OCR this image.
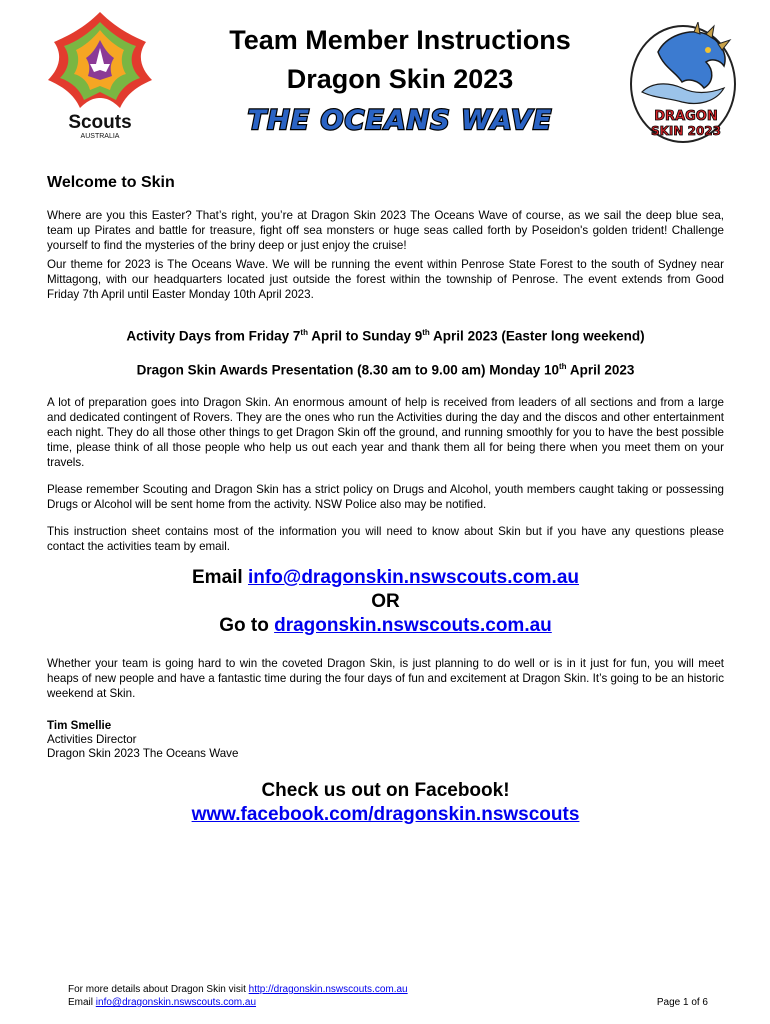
Scouts
AUSTRALIA
Team Member Instructions
Dragon Skin 2023
THE OCEANS WAVE	DRAGON
SKIN 2023
Welcome to Skin

Where are you this Easter? That’s right, you’re at Dragon Skin 2023 The Oceans Wave of course, as we sail the deep blue sea, team up Pirates and battle for treasure, fight off sea monsters or huge seas called forth by Poseidon's golden trident! Challenge yourself to find the mysteries of the briny deep or just enjoy the cruise!

Our theme for 2023 is The Oceans Wave. We will be running the event within Penrose State Forest to the south of Sydney near Mittagong, with our headquarters located just outside the forest within the township of Penrose. The event extends from Good Friday 7th April until Easter Monday 10th April 2023.

Activity Days from Friday 7th April to Sunday 9th April 2023 (Easter long weekend)
Dragon Skin Awards Presentation (8.30 am to 9.00 am) Monday 10th April 2023

A lot of preparation goes into Dragon Skin. An enormous amount of help is received from leaders of all sections and from a large and dedicated contingent of Rovers. They are the ones who run the Activities during the day and the discos and other entertainment each night. They do all those other things to get Dragon Skin off the ground, and running smoothly for you to have the best possible time, please think of all those people who help us out each year and thank them all for being there when you meet them on your travels.

Please remember Scouting and Dragon Skin has a strict policy on Drugs and Alcohol, youth members caught taking or possessing Drugs or Alcohol will be sent home from the activity. NSW Police also may be notified.

This instruction sheet contains most of the information you will need to know about Skin but if you have any questions please contact the activities team by email.

Email info@dragonskin.nswscouts.com.au
OR
Go to dragonskin.nswscouts.com.au

Whether your team is going hard to win the coveted Dragon Skin, is just planning to do well or is in it just for fun, you will meet heaps of new people and have a fantastic time during the four days of fun and excitement at Dragon Skin. It’s going to be an historic weekend at Skin.

Tim Smellie
Activities Director
Dragon Skin 2023 The Oceans Wave
Check us out on Facebook!
www.facebook.com/dragonskin.nswscouts
For more details about Dragon Skin visit http://dragonskin.nswscouts.com.au
Email info@dragonskin.nswscouts.com.au	Page 1 of 6
